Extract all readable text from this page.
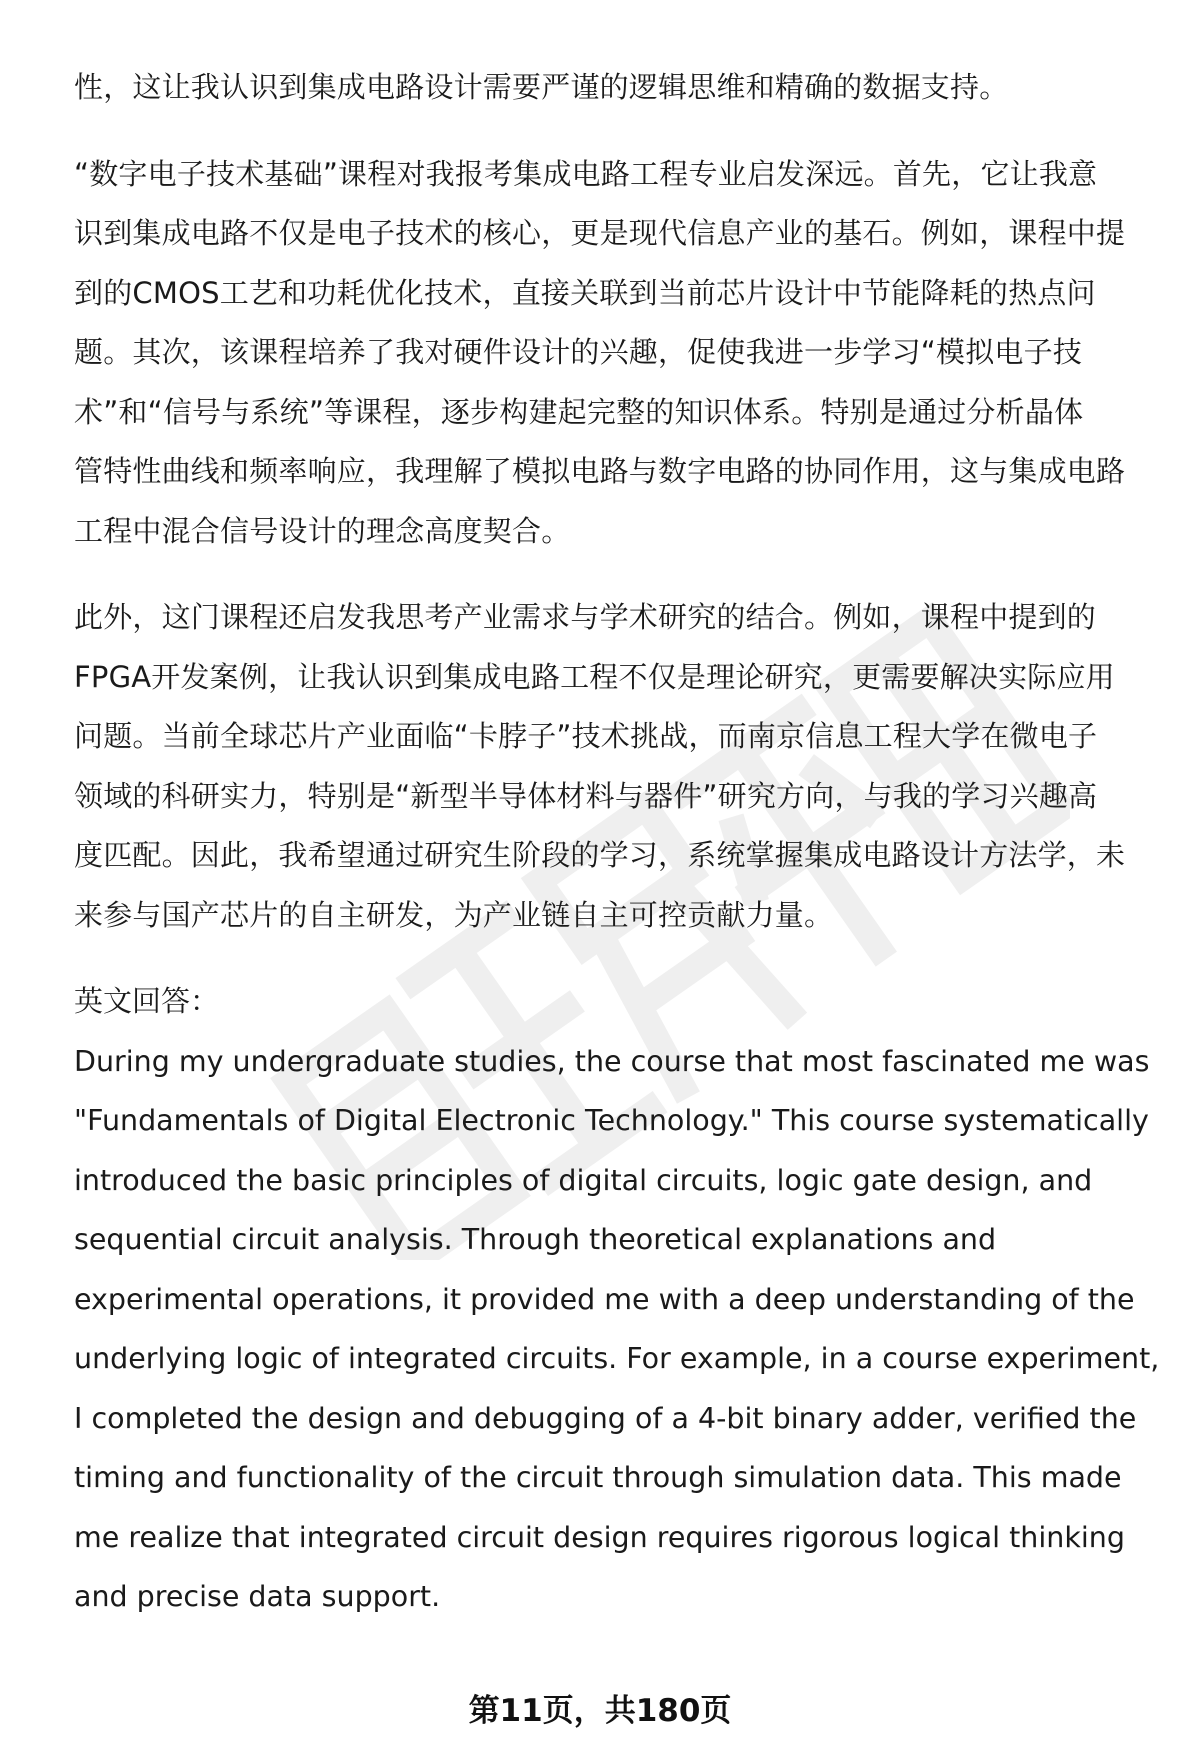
性，这让我认识到集成电路设计需要严谨的逻辑思维和精确的数据支持。
“数字电子技术基础”课程对我报考集成电路工程专业启发深远。首先，它让我意
识到集成电路不仅是电子技术的核心，更是现代信息产业的基石。例如，课程中提
到的CMOS工艺和功耗优化技术，直接关联到当前芯片设计中节能降耗的热点问
题。其次，该课程培养了我对硬件设计的兴趣，促使我进一步学习“模拟电子技
术”和“信号与系统”等课程，逐步构建起完整的知识体系。特别是通过分析晶体
管特性曲线和频率响应，我理解了模拟电路与数字电路的协同作用，这与集成电路
工程中混合信号设计的理念高度契合。
此外，这门课程还启发我思考产业需求与学术研究的结合。例如，课程中提到的
FPGA开发案例，让我认识到集成电路工程不仅是理论研究，更需要解决实际应用
问题。当前全球芯片产业面临“卡脖子”技术挑战，而南京信息工程大学在微电子
领域的科研实力，特别是“新型半导体材料与器件”研究方向，与我的学习兴趣高
度匹配。因此，我希望通过研究生阶段的学习，系统掌握集成电路设计方法学，未
来参与国产芯片的自主研发，为产业链自主可控贡献力量。

英文回答：

During my undergraduate studies, the course that most fascinated me was
"Fundamentals of Digital Electronic Technology." This course systematically
introduced the basic principles of digital circuits, logic gate design, and
sequential circuit analysis. Through theoretical explanations and
experimental operations, it provided me with a deep understanding of the
underlying logic of integrated circuits. For example, in a course experiment,
I completed the design and debugging of a 4-bit binary adder, verified the
timing and functionality of the circuit through simulation data. This made
me realize that integrated circuit design requires rigorous logical thinking
and precise data support.
第11页，共180页
